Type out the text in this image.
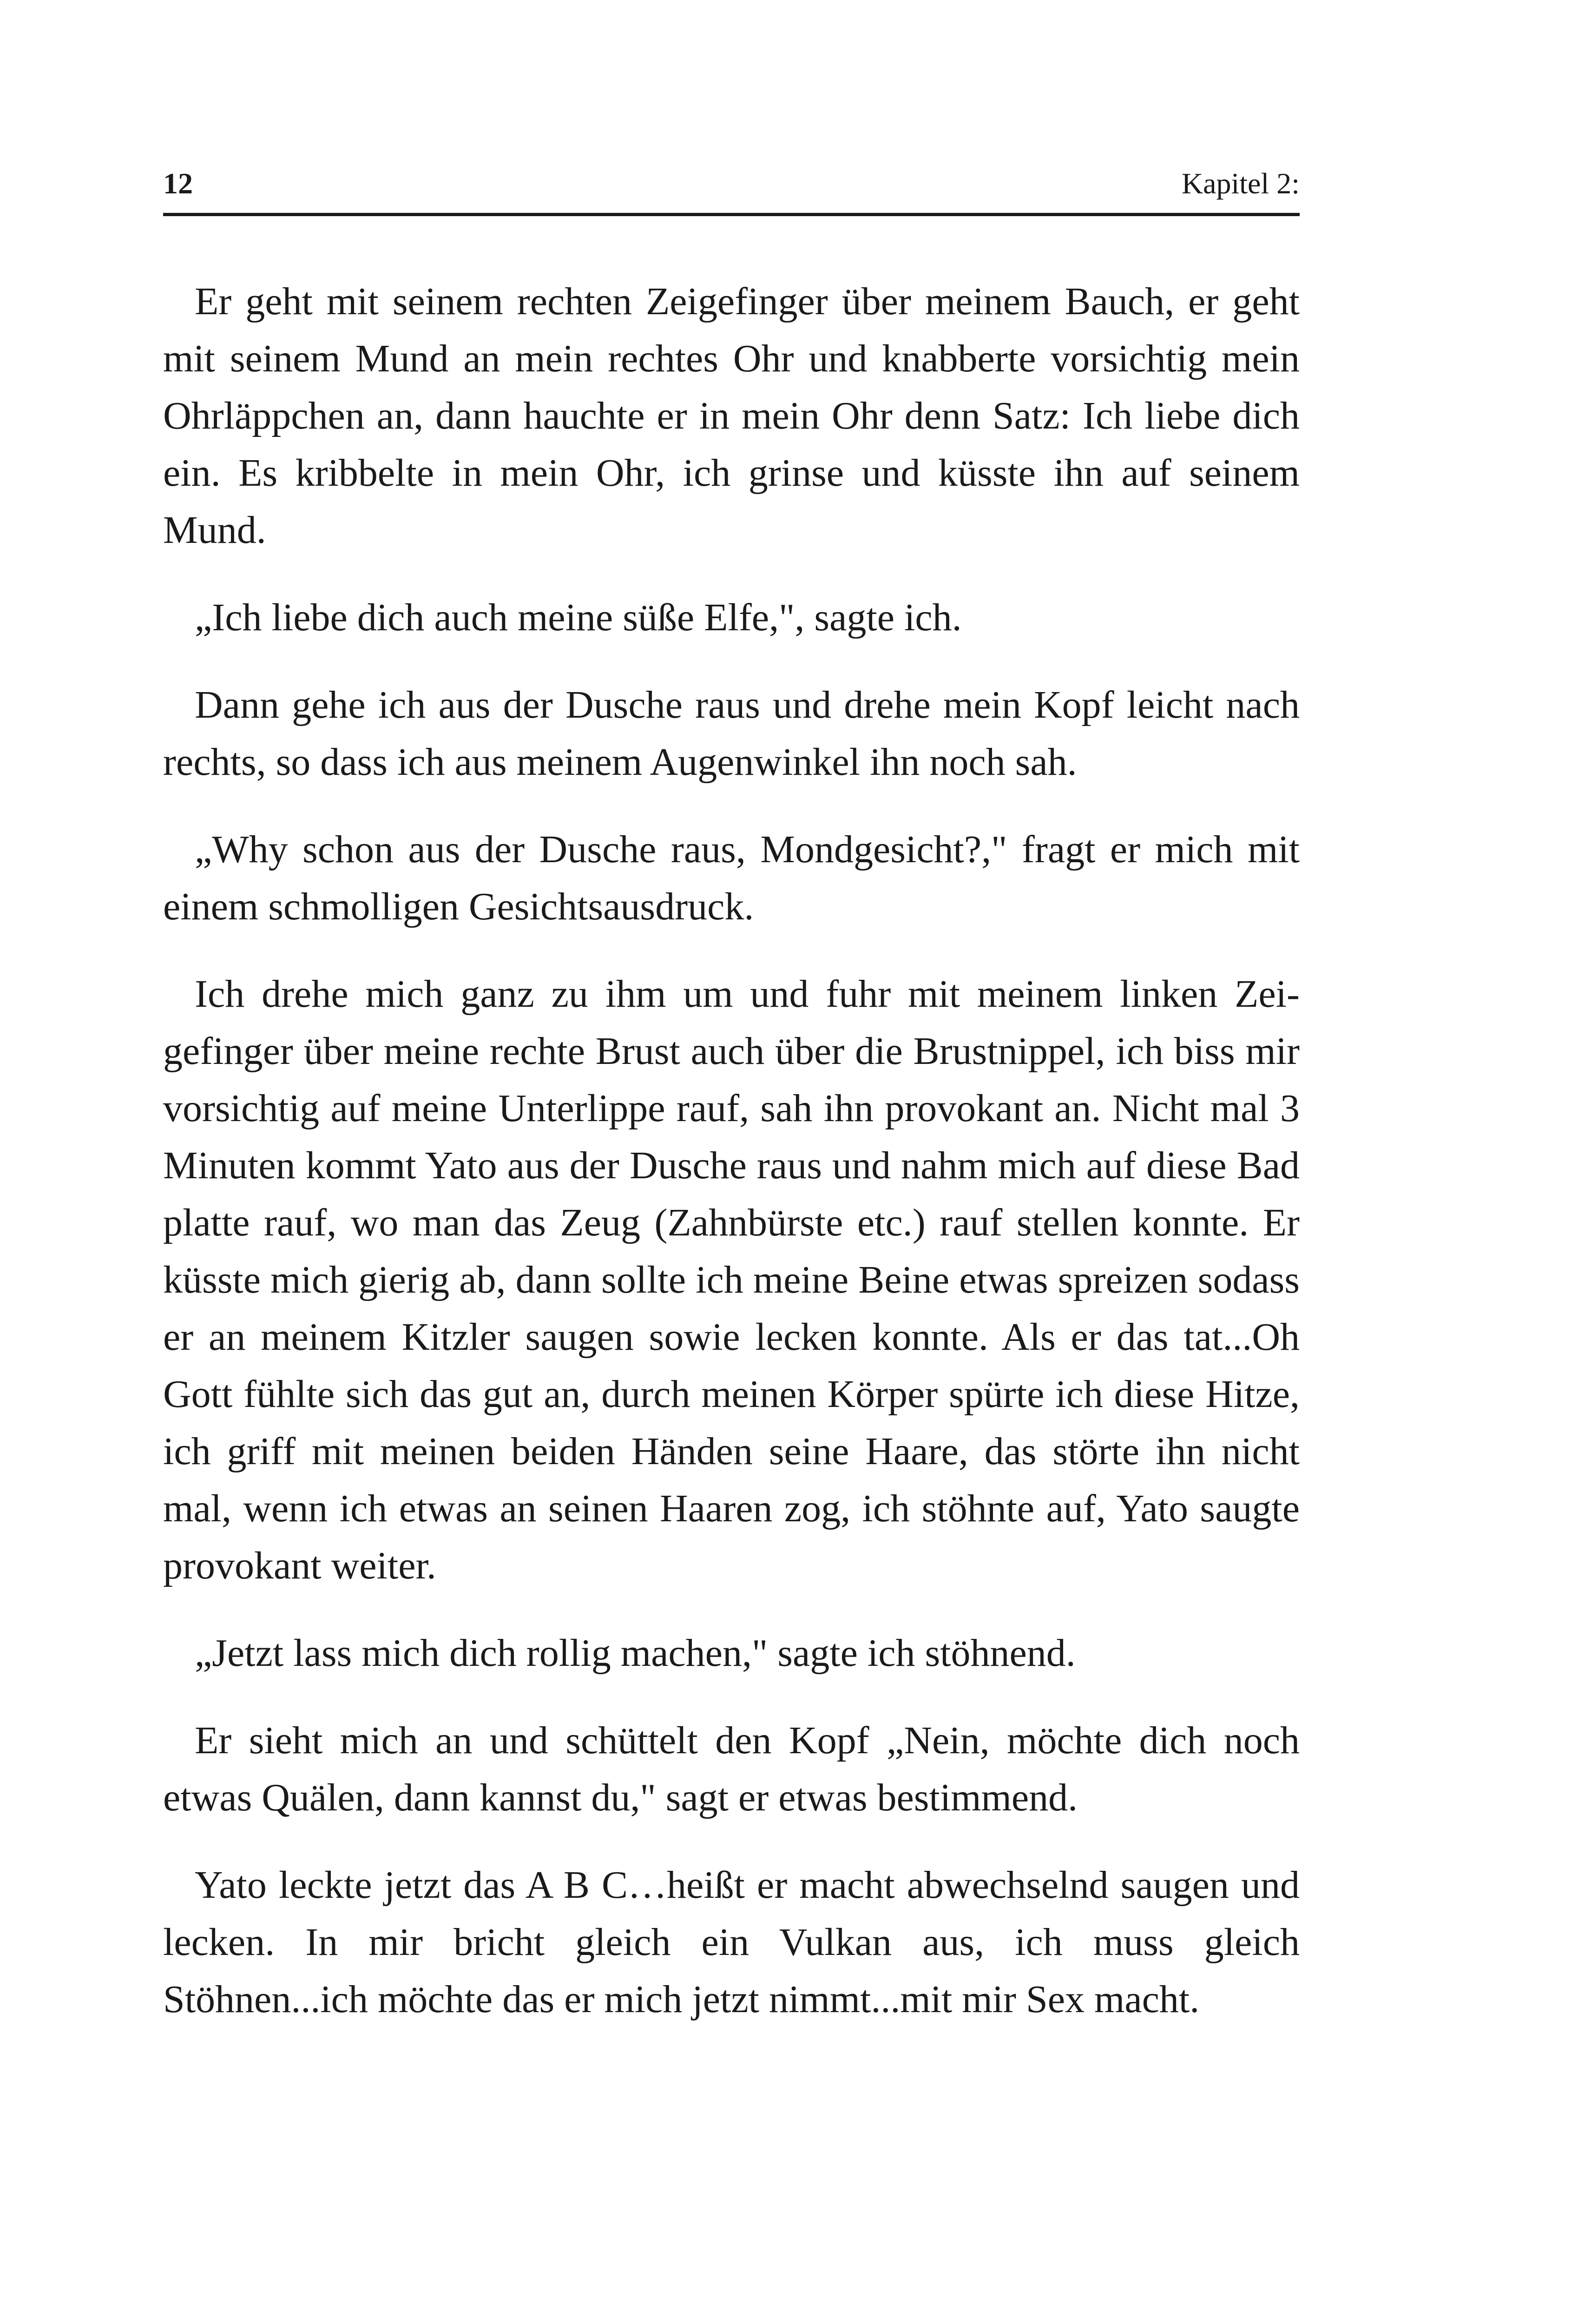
12	Kapitel 2:

Er geht mit seinem rechten Zeigefinger über meinem Bauch, er geht mit seinem Mund an mein rechtes Ohr und knabberte vorsichtig mein Ohrläppchen an, dann hauchte er in mein Ohr denn Satz: Ich liebe dich ein. Es kribbelte in mein Ohr, ich grinse und küsste ihn auf seinem Mund.

„Ich liebe dich auch meine süße Elfe,", sagte ich.

Dann gehe ich aus der Dusche raus und drehe mein Kopf leicht nach rechts, so dass ich aus meinem Augenwinkel ihn noch sah.

„Why schon aus der Dusche raus, Mondgesicht?," fragt er mich mit einem schmolligen Gesichtsausdruck.

Ich drehe mich ganz zu ihm um und fuhr mit meinem linken Zeigefinger über meine rechte Brust auch über die Brustnippel, ich biss mir vorsichtig auf meine Unterlippe rauf, sah ihn provokant an. Nicht mal 3 Minuten kommt Yato aus der Dusche raus und nahm mich auf diese Bad platte rauf, wo man das Zeug (Zahnbürste etc.) rauf stellen konnte. Er küsste mich gierig ab, dann sollte ich meine Beine etwas spreizen sodass er an meinem Kitzler saugen sowie lecken konnte. Als er das tat...Oh Gott fühlte sich das gut an, durch meinen Körper spürte ich diese Hitze, ich griff mit meinen beiden Händen seine Haare, das störte ihn nicht mal, wenn ich etwas an seinen Haaren zog, ich stöhnte auf, Yato saugte provokant weiter.

„Jetzt lass mich dich rollig machen," sagte ich stöhnend.

Er sieht mich an und schüttelt den Kopf „Nein, möchte dich noch etwas Quälen, dann kannst du," sagt er etwas bestimmend.

Yato leckte jetzt das A B C…heißt er macht abwechselnd saugen und lecken. In mir bricht gleich ein Vulkan aus, ich muss gleich Stöhnen...ich möchte das er mich jetzt nimmt...mit mir Sex macht.
